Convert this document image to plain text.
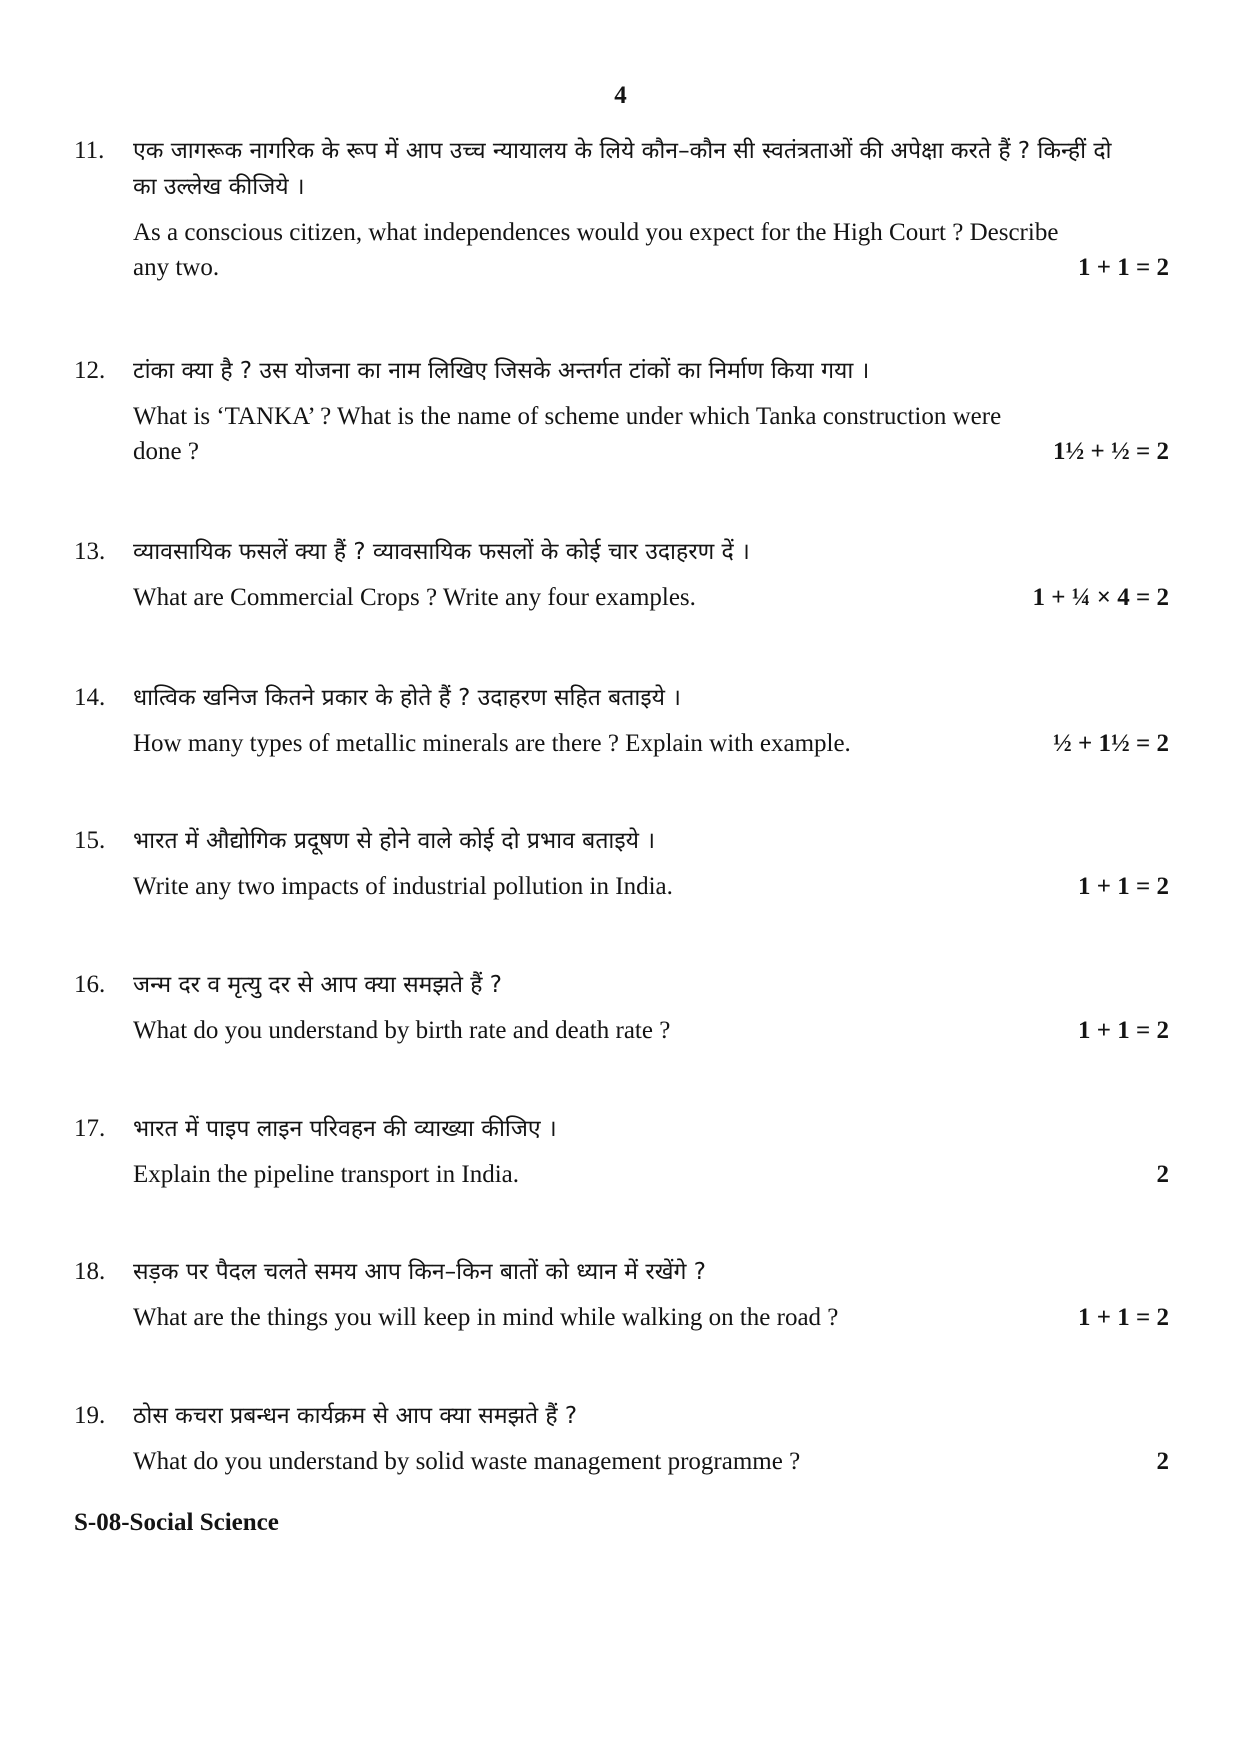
4
11. एक जागरूक नागरिक के रूप में आप उच्च न्यायालय के लिये कौन–कौन सी स्वतंत्रताओं की अपेक्षा करते हैं ? किन्हीं दो का उल्लेख कीजिये ।
As a conscious citizen, what independences would you expect for the High Court ? Describe any two.	1 + 1 = 2
12. टांका क्या है ? उस योजना का नाम लिखिए जिसके अन्तर्गत टांकों का निर्माण किया गया ।
What is ‘TANKA’ ? What is the name of scheme under which Tanka construction were done ?	1½ + ½ = 2
13. व्यावसायिक फसलें क्या हैं ? व्यावसायिक फसलों के कोई चार उदाहरण दें ।
What are Commercial Crops ? Write any four examples.	1 + ¼ × 4 = 2
14. धात्विक खनिज कितने प्रकार के होते हैं ? उदाहरण सहित बताइये ।
How many types of metallic minerals are there ? Explain with example.	½ + 1½ = 2
15. भारत में औद्योगिक प्रदूषण से होने वाले कोई दो प्रभाव बताइये ।
Write any two impacts of industrial pollution in India.	1 + 1 = 2
16. जन्म दर व मृत्यु दर से आप क्या समझते हैं ?
What do you understand by birth rate and death rate ?	1 + 1 = 2
17. भारत में पाइप लाइन परिवहन की व्याख्या कीजिए ।
Explain the pipeline transport in India.	2
18. सड़क पर पैदल चलते समय आप किन–किन बातों को ध्यान में रखेंगे ?
What are the things you will keep in mind while walking on the road ?	1 + 1 = 2
19. ठोस कचरा प्रबन्धन कार्यक्रम से आप क्या समझते हैं ?
What do you understand by solid waste management programme ?	2
S-08-Social Science
